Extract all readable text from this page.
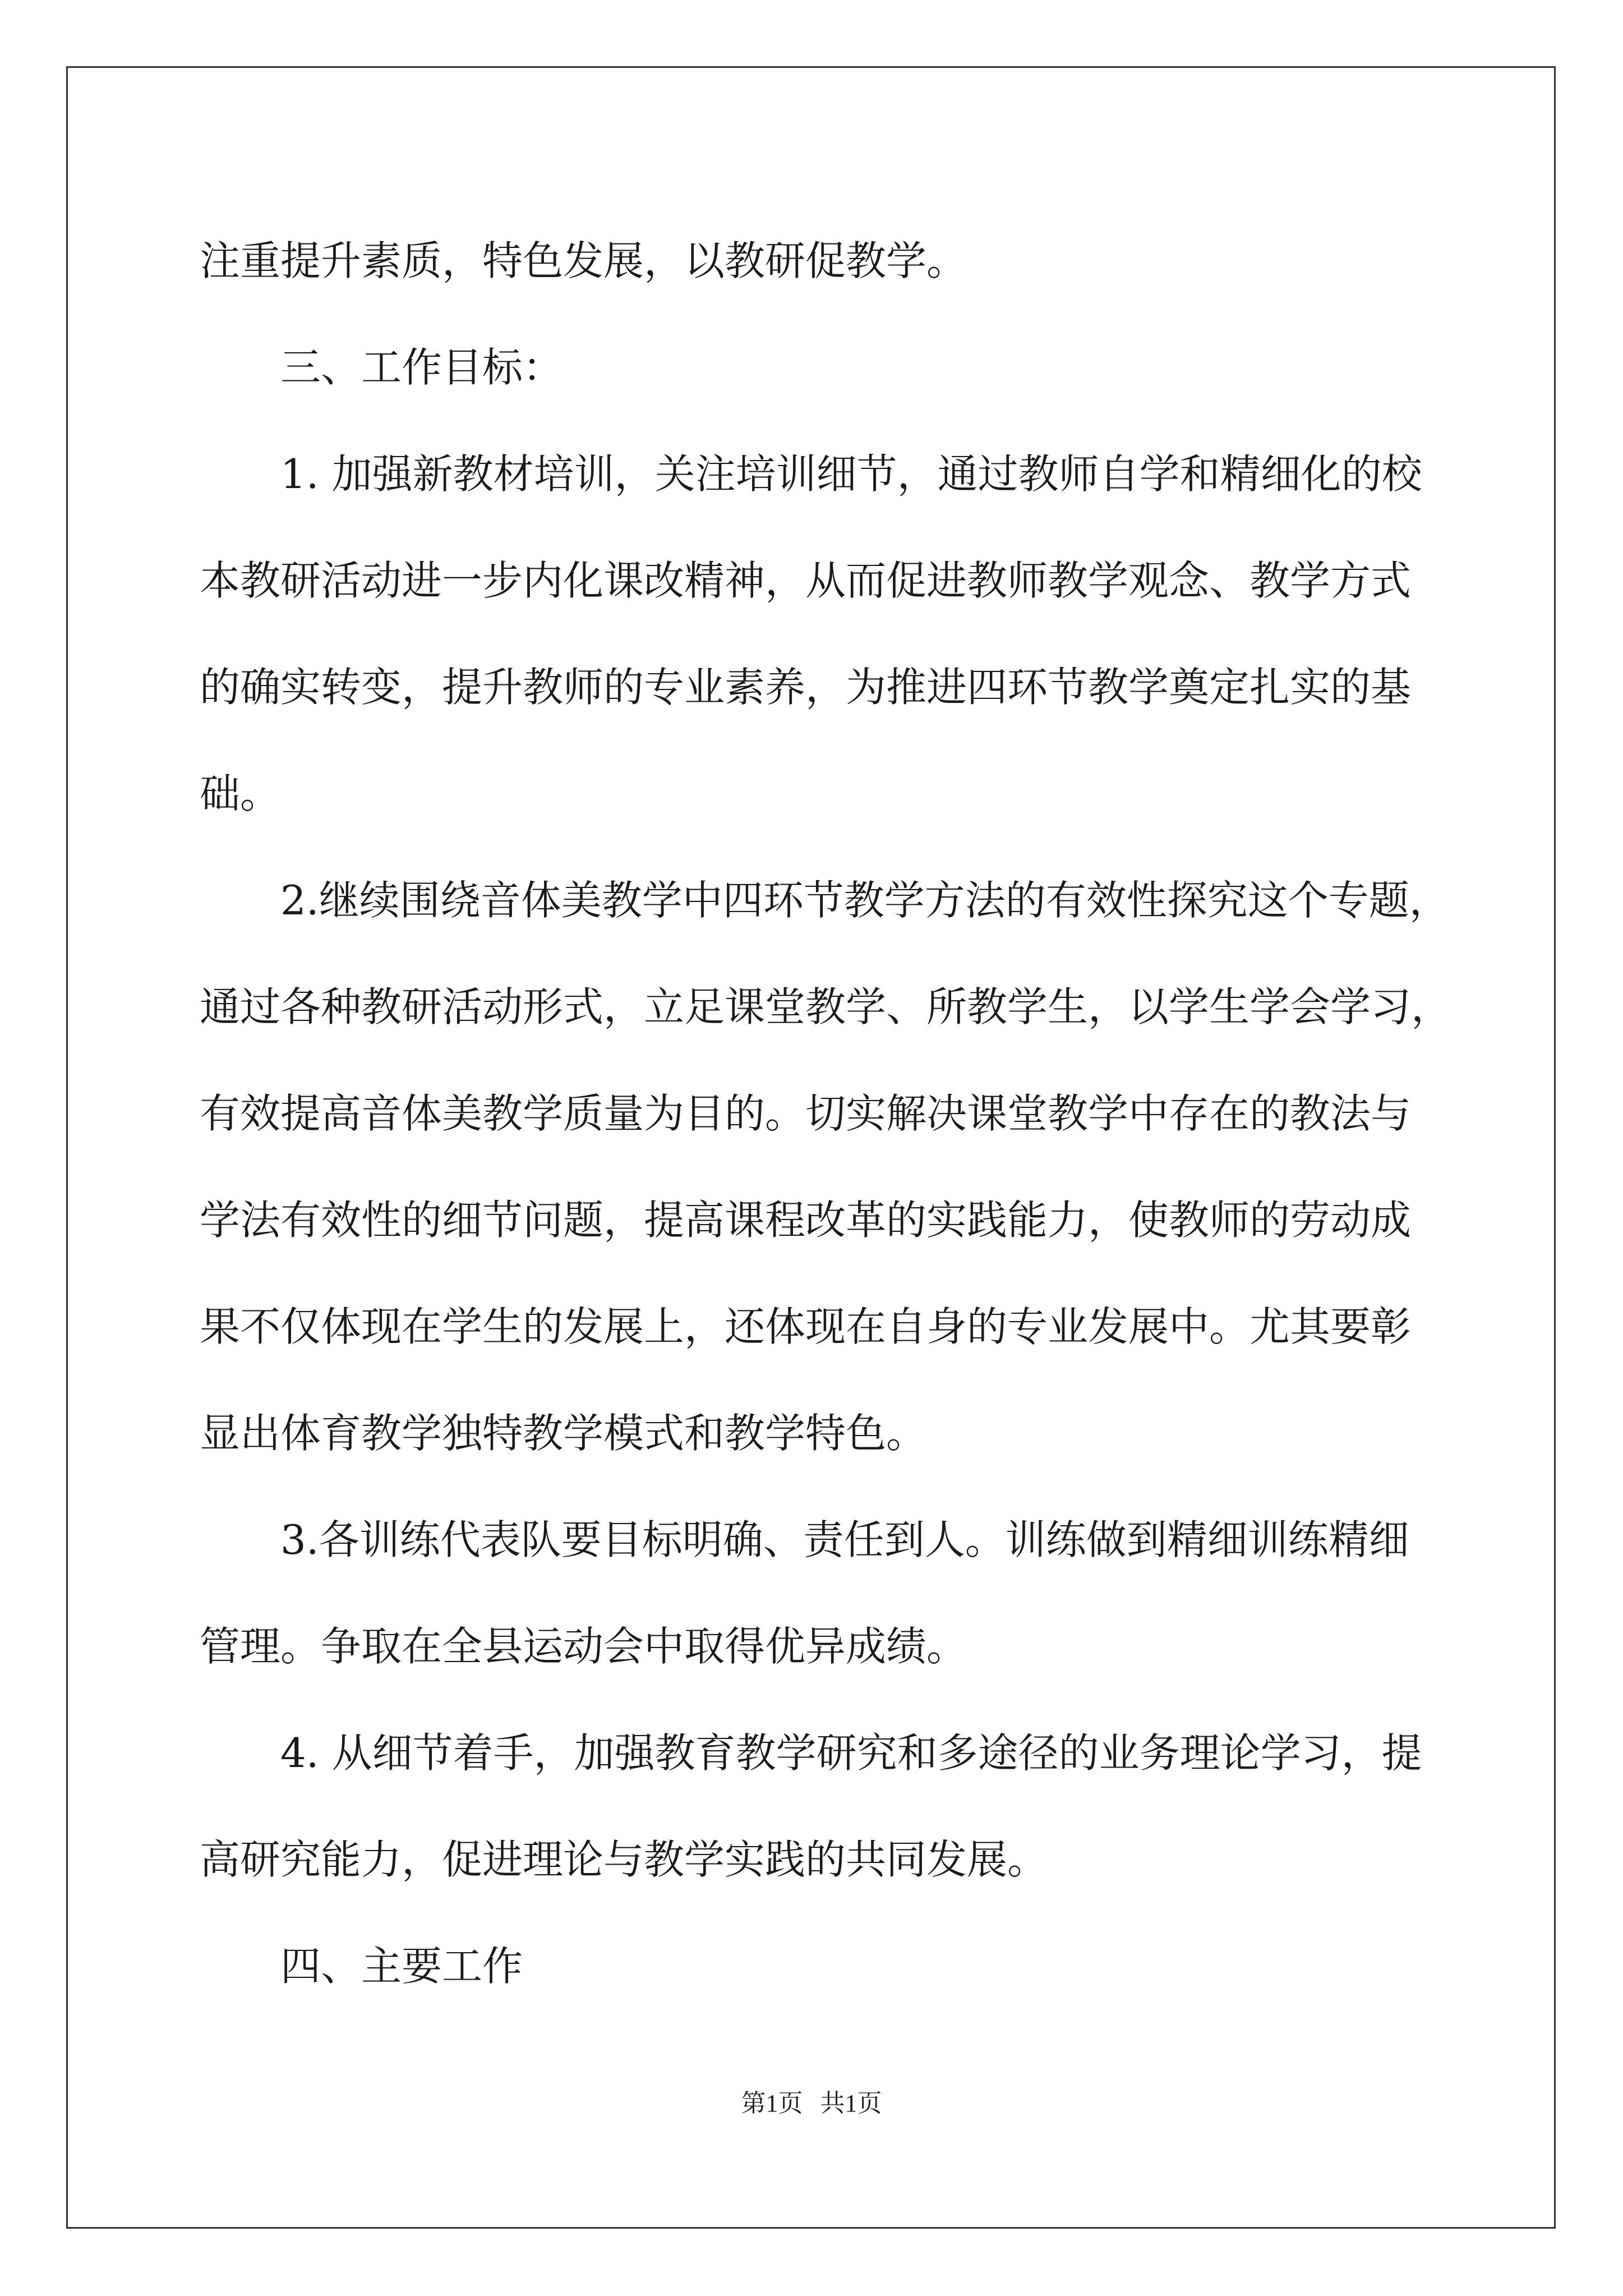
注重提升素质，特色发展，以教研促教学。

　　三、工作目标：

　　1. 加强新教材培训，关注培训细节，通过教师自学和精细化的校

本教研活动进一步内化课改精神，从而促进教师教学观念、教学方式

的确实转变，提升教师的专业素养，为推进四环节教学奠定扎实的基

础。

　　2.继续围绕音体美教学中四环节教学方法的有效性探究这个专题，

通过各种教研活动形式，立足课堂教学、所教学生，以学生学会学习，

有效提高音体美教学质量为目的。切实解决课堂教学中存在的教法与

学法有效性的细节问题，提高课程改革的实践能力，使教师的劳动成

果不仅体现在学生的发展上，还体现在自身的专业发展中。尤其要彰

显出体育教学独特教学模式和教学特色。

　　3.各训练代表队要目标明确、责任到人。训练做到精细训练精细

管理。争取在全县运动会中取得优异成绩。

　　4. 从细节着手，加强教育教学研究和多途径的业务理论学习，提

高研究能力，促进理论与教学实践的共同发展。

　　四、主要工作

第1页 共1页
